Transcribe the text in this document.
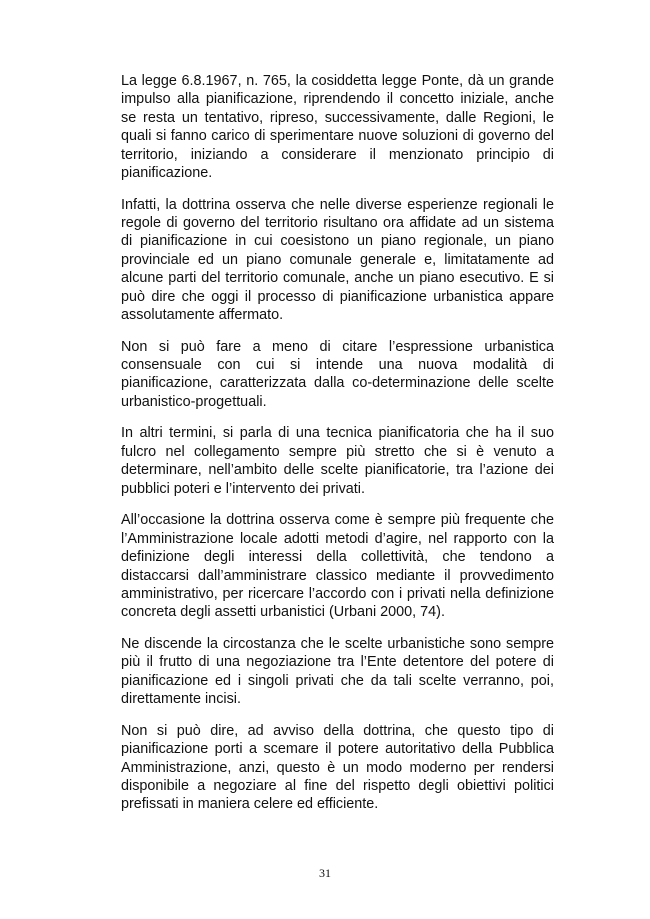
La legge 6.8.1967, n. 765, la cosiddetta legge Ponte, dà un grande impulso alla pianificazione, riprendendo il concetto iniziale, anche se resta un tentativo, ripreso, successivamente, dalle Regioni, le quali si fanno carico di sperimentare nuove soluzioni di governo del territorio, iniziando a considerare il menzionato principio di pianificazione.

Infatti, la dottrina osserva che nelle diverse esperienze regionali le regole di governo del territorio risultano ora affidate ad un sistema di pianificazione in cui coesistono un piano regionale, un piano provinciale ed un piano comunale generale e, limitatamente ad alcune parti del territorio comunale, anche un piano esecutivo. E si può dire che oggi il processo di pianificazione urbanistica appare assolutamente affermato.

Non si può fare a meno di citare l’espressione urbanistica consensuale con cui si intende una nuova modalità di pianificazione, caratterizzata dalla co-determinazione delle scelte urbanistico-progettuali.

In altri termini, si parla di una tecnica pianificatoria che ha il suo fulcro nel collegamento sempre più stretto che si è venuto a determinare, nell’ambito delle scelte pianificatorie, tra l’azione dei pubblici poteri e l’intervento dei privati.

All’occasione la dottrina osserva come è sempre più frequente che l’Amministrazione locale adotti metodi d’agire, nel rapporto con la definizione degli interessi della collettività, che tendono a distaccarsi dall’amministrare classico mediante il provvedimento amministrativo, per ricercare l’accordo con i privati nella definizione concreta degli assetti urbanistici (Urbani 2000, 74).

Ne discende la circostanza che le scelte urbanistiche sono sempre più il frutto di una negoziazione tra l’Ente detentore del potere di pianificazione ed i singoli privati che da tali scelte verranno, poi, direttamente incisi.

Non si può dire, ad avviso della dottrina, che questo tipo di pianificazione porti a scemare il potere autoritativo della Pubblica Amministrazione, anzi, questo è un modo moderno per rendersi disponibile a negoziare al fine del rispetto degli obiettivi politici prefissati in maniera celere ed efficiente.

31
